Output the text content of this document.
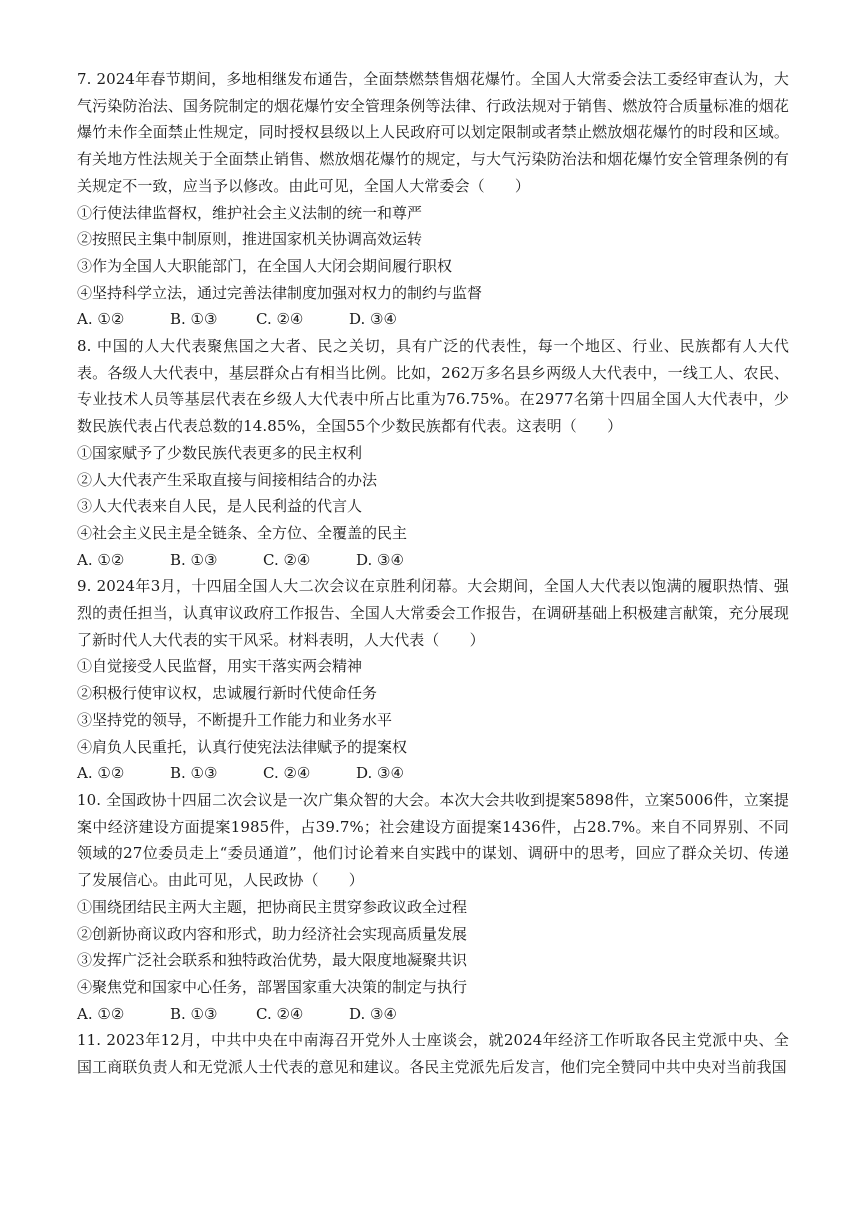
7. 2024年春节期间，多地相继发布通告，全面禁燃禁售烟花爆竹。全国人大常委会法工委经审查认为，大气污染防治法、国务院制定的烟花爆竹安全管理条例等法律、行政法规对于销售、燃放符合质量标准的烟花爆竹未作全面禁止性规定，同时授权县级以上人民政府可以划定限制或者禁止燃放烟花爆竹的时段和区域。有关地方性法规关于全面禁止销售、燃放烟花爆竹的规定，与大气污染防治法和烟花爆竹安全管理条例的有关规定不一致，应当予以修改。由此可见，全国人大常委会（　　）

①行使法律监督权，维护社会主义法制的统一和尊严

②按照民主集中制原则，推进国家机关协调高效运转

③作为全国人大职能部门，在全国人大闭会期间履行职权

④坚持科学立法，通过完善法律制度加强对权力的制约与监督

A. ①②	B. ①③	C. ②④	D. ③④

8. 中国的人大代表聚焦国之大者、民之关切，具有广泛的代表性，每一个地区、行业、民族都有人大代表。各级人大代表中，基层群众占有相当比例。比如，262万多名县乡两级人大代表中，一线工人、农民、专业技术人员等基层代表在乡级人大代表中所占比重为76.75%。在2977名第十四届全国人大代表中，少数民族代表占代表总数的14.85%，全国55个少数民族都有代表。这表明（　　）

①国家赋予了少数民族代表更多的民主权利

②人大代表产生采取直接与间接相结合的办法

③人大代表来自人民，是人民利益的代言人

④社会主义民主是全链条、全方位、全覆盖的民主

A. ①②	B. ①③	C. ②④	D. ③④

9. 2024年3月，十四届全国人大二次会议在京胜利闭幕。大会期间，全国人大代表以饱满的履职热情、强烈的责任担当，认真审议政府工作报告、全国人大常委会工作报告，在调研基础上积极建言献策，充分展现了新时代人大代表的实干风采。材料表明，人大代表（　　）

①自觉接受人民监督，用实干落实两会精神

②积极行使审议权，忠诚履行新时代使命任务

③坚持党的领导，不断提升工作能力和业务水平

④肩负人民重托，认真行使宪法法律赋予的提案权

A. ①②	B. ①③	C. ②④	D. ③④

10. 全国政协十四届二次会议是一次广集众智的大会。本次大会共收到提案5898件，立案5006件，立案提案中经济建设方面提案1985件，占39.7%；社会建设方面提案1436件，占28.7%。来自不同界别、不同领域的27位委员走上“委员通道”，他们讨论着来自实践中的谋划、调研中的思考，回应了群众关切、传递了发展信心。由此可见，人民政协（　　）

①围绕团结民主两大主题，把协商民主贯穿参政议政全过程

②创新协商议政内容和形式，助力经济社会实现高质量发展

③发挥广泛社会联系和独特政治优势，最大限度地凝聚共识

④聚焦党和国家中心任务，部署国家重大决策的制定与执行

A. ①②	B. ①③	C. ②④	D. ③④

11. 2023年12月，中共中央在中南海召开党外人士座谈会，就2024年经济工作听取各民主党派中央、全国工商联负责人和无党派人士代表的意见和建议。各民主党派先后发言，他们完全赞同中共中央对当前我国
